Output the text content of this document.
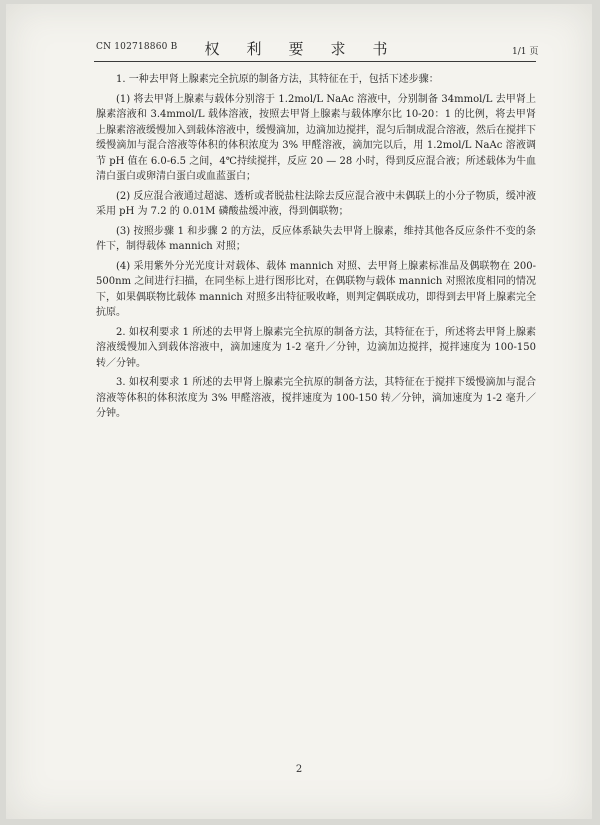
CN 102718860 B	权　利　要　求　书	1/1 页

1. 一种去甲肾上腺素完全抗原的制备方法，其特征在于，包括下述步骤：

(1) 将去甲肾上腺素与载体分别溶于 1.2mol/L NaAc 溶液中，分别制备 34mmol/L 去甲肾上腺素溶液和 3.4mmol/L 载体溶液，按照去甲肾上腺素与载体摩尔比 10-20：1 的比例，将去甲肾上腺素溶液缓慢加入到载体溶液中，缓慢滴加，边滴加边搅拌，混匀后制成混合溶液，然后在搅拌下缓慢滴加与混合溶液等体积的体积浓度为 3% 甲醛溶液，滴加完以后，用 1.2mol/L NaAc 溶液调节 pH 值在 6.0-6.5 之间，4℃持续搅拌，反应 20 — 28 小时，得到反应混合液；所述载体为牛血清白蛋白或卵清白蛋白或血蓝蛋白；

(2) 反应混合液通过超滤、透析或者脱盐柱法除去反应混合液中未偶联上的小分子物质，缓冲液采用 pH 为 7.2 的 0.01M 磷酸盐缓冲液，得到偶联物；

(3) 按照步骤 1 和步骤 2 的方法，反应体系缺失去甲肾上腺素，维持其他各反应条件不变的条件下，制得载体 mannich 对照；

(4) 采用紫外分光光度计对载体、载体 mannich 对照、去甲肾上腺素标准品及偶联物在 200-500nm 之间进行扫描，在同坐标上进行图形比对，在偶联物与载体 mannich 对照浓度相同的情况下，如果偶联物比载体 mannich 对照多出特征吸收峰，则判定偶联成功，即得到去甲肾上腺素完全抗原。

2. 如权利要求 1 所述的去甲肾上腺素完全抗原的制备方法，其特征在于，所述将去甲肾上腺素溶液缓慢加入到载体溶液中，滴加速度为 1-2 毫升／分钟，边滴加边搅拌，搅拌速度为 100-150 转／分钟。

3. 如权利要求 1 所述的去甲肾上腺素完全抗原的制备方法，其特征在于搅拌下缓慢滴加与混合溶液等体积的体积浓度为 3% 甲醛溶液，搅拌速度为 100-150 转／分钟，滴加速度为 1-2 毫升／分钟。

2
